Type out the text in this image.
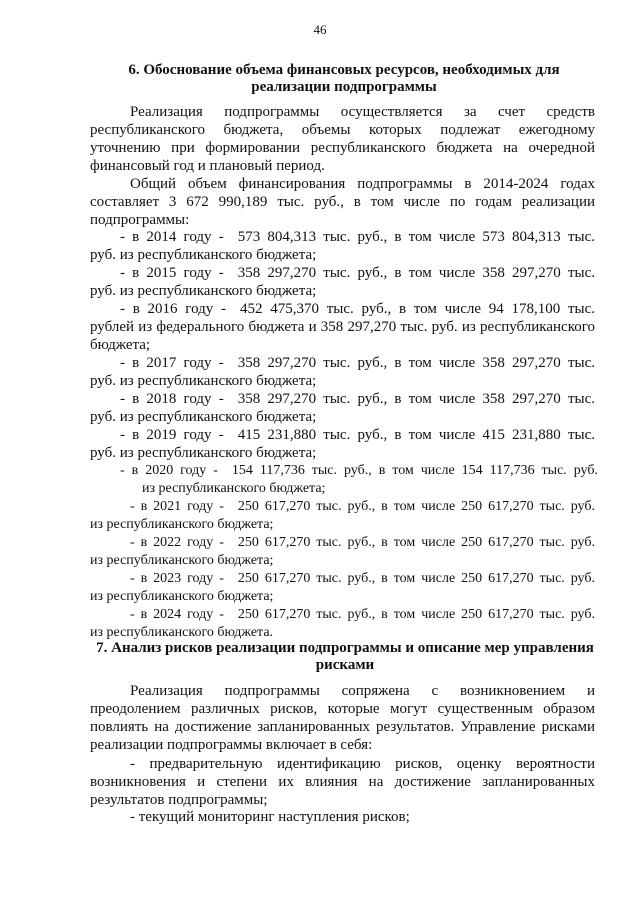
46
6. Обоснование объема финансовых ресурсов, необходимых для
реализации подпрограммы
Реализация подпрограммы осуществляется за счет средств республиканского бюджета, объемы которых подлежат ежегодному уточнению при формировании республиканского бюджета на очередной финансовый год и плановый период.
Общий объем финансирования подпрограммы в 2014-2024 годах составляет 3 672 990,189 тыс. руб., в том числе по годам реализации подпрограммы:
- в 2014 году - 573 804,313 тыс. руб., в том числе 573 804,313 тыс.
руб. из республиканского бюджета;
- в 2015 году - 358 297,270 тыс. руб., в том числе 358 297,270 тыс.
руб. из республиканского бюджета;
- в 2016 году - 452 475,370 тыс. руб., в том числе 94 178,100 тыс.
рублей из федерального бюджета и 358 297,270 тыс. руб. из республиканского бюджета;
- в 2017 году - 358 297,270 тыс. руб., в том числе 358 297,270 тыс.
руб. из республиканского бюджета;
- в 2018 году - 358 297,270 тыс. руб., в том числе 358 297,270 тыс.
руб. из республиканского бюджета;
- в 2019 году - 415 231,880 тыс. руб., в том числе 415 231,880 тыс.
руб. из республиканского бюджета;
- в 2020 году - 154 117,736 тыс. руб., в том числе 154 117,736 тыс. руб.
из республиканского бюджета;
- в 2021 году - 250 617,270 тыс. руб., в том числе 250 617,270 тыс. руб.
из республиканского бюджета;
- в 2022 году - 250 617,270 тыс. руб., в том числе 250 617,270 тыс. руб.
из республиканского бюджета;
- в 2023 году - 250 617,270 тыс. руб., в том числе 250 617,270 тыс. руб.
из республиканского бюджета;
- в 2024 году - 250 617,270 тыс. руб., в том числе 250 617,270 тыс. руб.
из республиканского бюджета.
7. Анализ рисков реализации подпрограммы и описание мер управления
рисками
Реализация подпрограммы сопряжена с возникновением и преодолением различных рисков, которые могут существенным образом повлиять на достижение запланированных результатов. Управление рисками реализации подпрограммы включает в себя:
- предварительную идентификацию рисков, оценку вероятности возникновения и степени их влияния на достижение запланированных результатов подпрограммы;
- текущий мониторинг наступления рисков;
